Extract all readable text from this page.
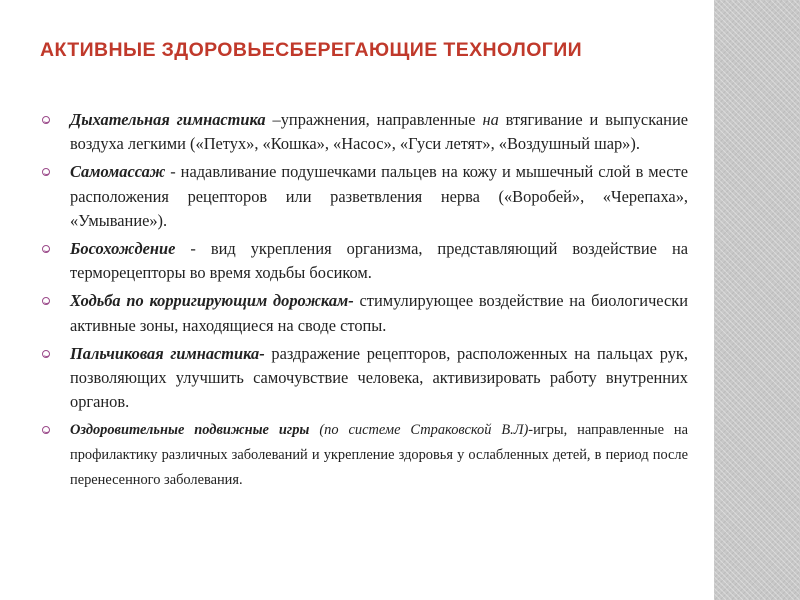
АКТИВНЫЕ ЗДОРОВЬЕСБЕРЕГАЮЩИЕ ТЕХНОЛОГИИ
Дыхательная гимнастика –упражнения, направленные на втягивание и выпускание воздуха легкими («Петух», «Кошка», «Насос», «Гуси летят», «Воздушный шар»).
Самомассаж - надавливание подушечками пальцев на кожу и мышечный слой в месте расположения рецепторов или разветвления нерва («Воробей», «Черепаха», «Умывание»).
Босохождение - вид укрепления организма, представляющий воздействие на терморецепторы во время ходьбы босиком.
Ходьба по корригирующим дорожкам- стимулирующее воздействие на биологически активные зоны, находящиеся на своде стопы.
Пальчиковая гимнастика- раздражение рецепторов, расположенных на пальцах рук, позволяющих улучшить самочувствие человека, активизировать работу внутренних органов.
Оздоровительные подвижные игры (по системе Страковской В.Л)-игры, направленные на профилактику различных заболеваний и укрепление здоровья у ослабленных детей, в период после перенесенного заболевания.
